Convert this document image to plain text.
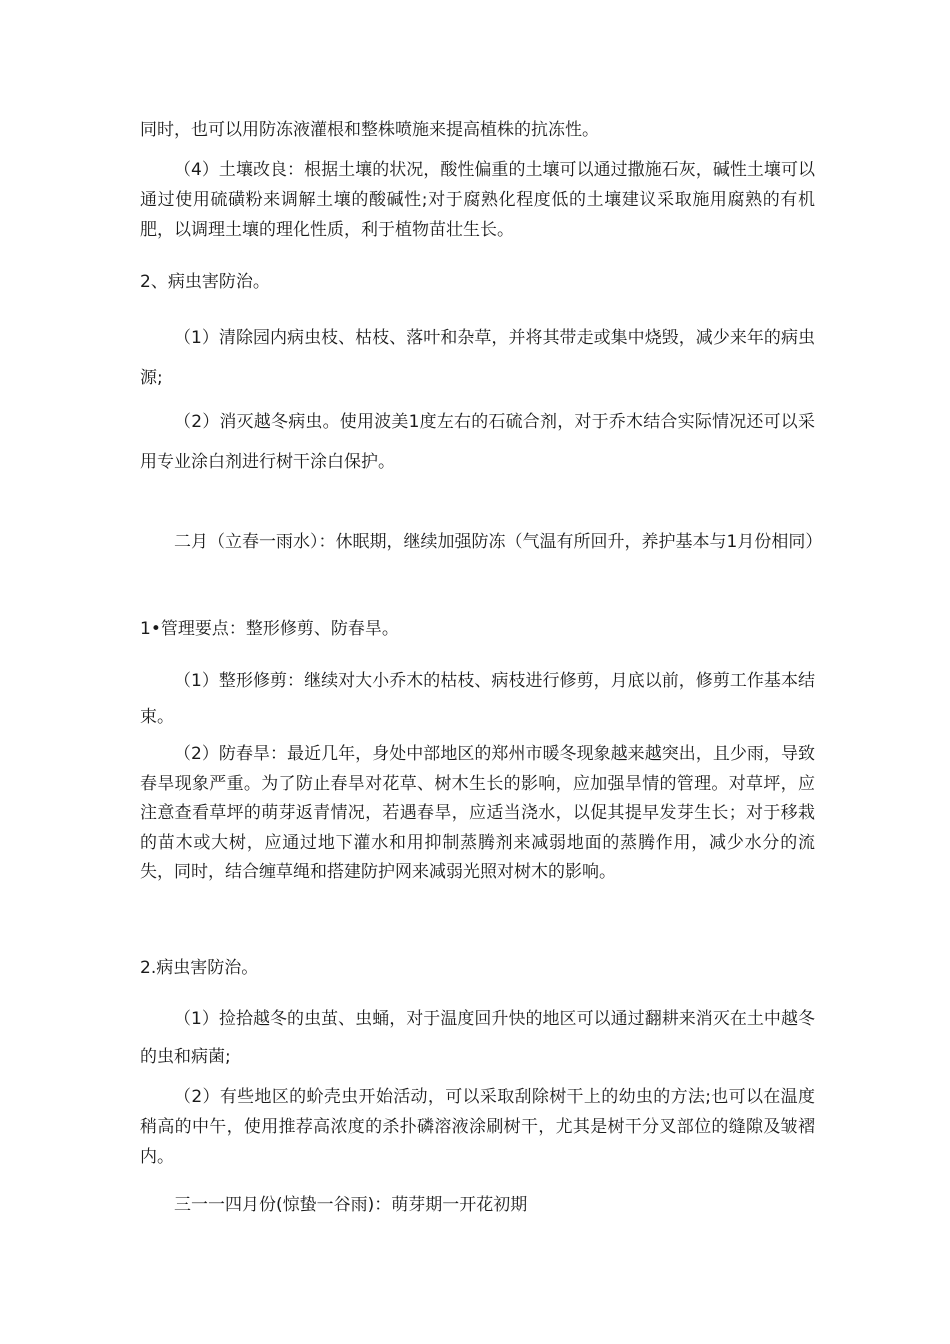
同时，也可以用防冻液灌根和整株喷施来提高植株的抗冻性。

（4）土壤改良：根据土壤的状况，酸性偏重的土壤可以通过撒施石灰，碱性土壤可以通过使用硫磺粉来调解土壤的酸碱性;对于腐熟化程度低的土壤建议采取施用腐熟的有机肥，以调理土壤的理化性质，利于植物苗壮生长。

2、病虫害防治。

（1）清除园内病虫枝、枯枝、落叶和杂草，并将其带走或集中烧毁，减少来年的病虫源;

（2）消灭越冬病虫。使用波美1度左右的石硫合剂，对于乔木结合实际情况还可以采用专业涂白剂进行树干涂白保护。

二月（立春一雨水）：休眠期，继续加强防冻（气温有所回升，养护基本与1月份相同）

1•管理要点：整形修剪、防春旱。

（1）整形修剪：继续对大小乔木的枯枝、病枝进行修剪，月底以前，修剪工作基本结束。

（2）防春旱：最近几年，身处中部地区的郑州市暖冬现象越来越突出，且少雨，导致春旱现象严重。为了防止春旱对花草、树木生长的影响，应加强旱情的管理。对草坪，应注意查看草坪的萌芽返青情况，若遇春旱，应适当浇水，以促其提早发芽生长；对于移栽的苗木或大树，应通过地下灌水和用抑制蒸腾剂来减弱地面的蒸腾作用，减少水分的流失，同时，结合缠草绳和搭建防护网来减弱光照对树木的影响。

2.病虫害防治。

（1）捡拾越冬的虫茧、虫蛹，对于温度回升快的地区可以通过翻耕来消灭在土中越冬的虫和病菌;

（2）有些地区的蚧壳虫开始活动，可以采取刮除树干上的幼虫的方法;也可以在温度稍高的中午，使用推荐高浓度的杀扑磷溶液涂刷树干，尤其是树干分叉部位的缝隙及皱褶内。

三一一四月份(惊蛰一谷雨)：萌芽期一开花初期
